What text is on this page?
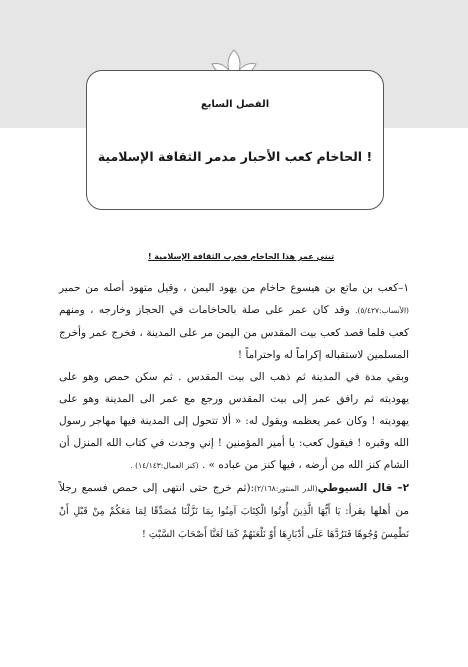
الفصل السابع
الحاخام كعب الأحبار مدمر الثقافة الإسلامية !
تبني عمر هذا الحاخام فخرب الثقافة الإسلامية !

١–كعب بن ماتع بن هيسوع حاخام من يهود اليمن ، وقيل متهود أصله من حمير (الأنساب:٥/٤٢٧). وقد كان عمر على صلة بالحاخامات في الحجاز وخارجه ، ومنهم كعب فلما قصد كعب بيت المقدس من اليمن مر على المدينة ، فخرج عمر وأخرج المسلمين لاستقباله إكراماً له واحتراماً !

وبقي مدة في المدينة ثم ذهب الى بيت المقدس . ثم سكن حمص وهو على يهوديته ثم رافق عمر إلى بيت المقدس ورجع مع عمر الى المدينة وهو على يهوديته ! وكان عمر يعظمه ويقول له: « ألا تتحول إلى المدينة فيها مهاجر رسول الله وقبره ! فيقول كعب: يا أمير المؤمنين ! إني وجدت في كتاب الله المنزل أن الشام كنز الله من أرضه ، فيها كنز من عباده » . (كنز العمال:١٤/١٤٣) .

٢– قال السيوطي(الدر المنثور:٢/١٦٨):(ثم خرج حتى انتهى إلى حمص فسمع رجلاً من أهلها يقرأ: يَا أَيُّهَا الَّذِينَ أُوتُوا الْكِتَابَ آمِنُوا بِمَا نَزَّلْنَا مُصَدِّقًا لِمَا مَعَكُمْ مِنْ قَبْلِ أَنْ نَطْمِسَ وُجُوهًا فَنَرُدَّهَا عَلَى أَدْبَارِهَا أَوْ نَلْعَنَهُمْ كَمَا لَعَنَّا أَصْحَابَ السَّبْتِ !
